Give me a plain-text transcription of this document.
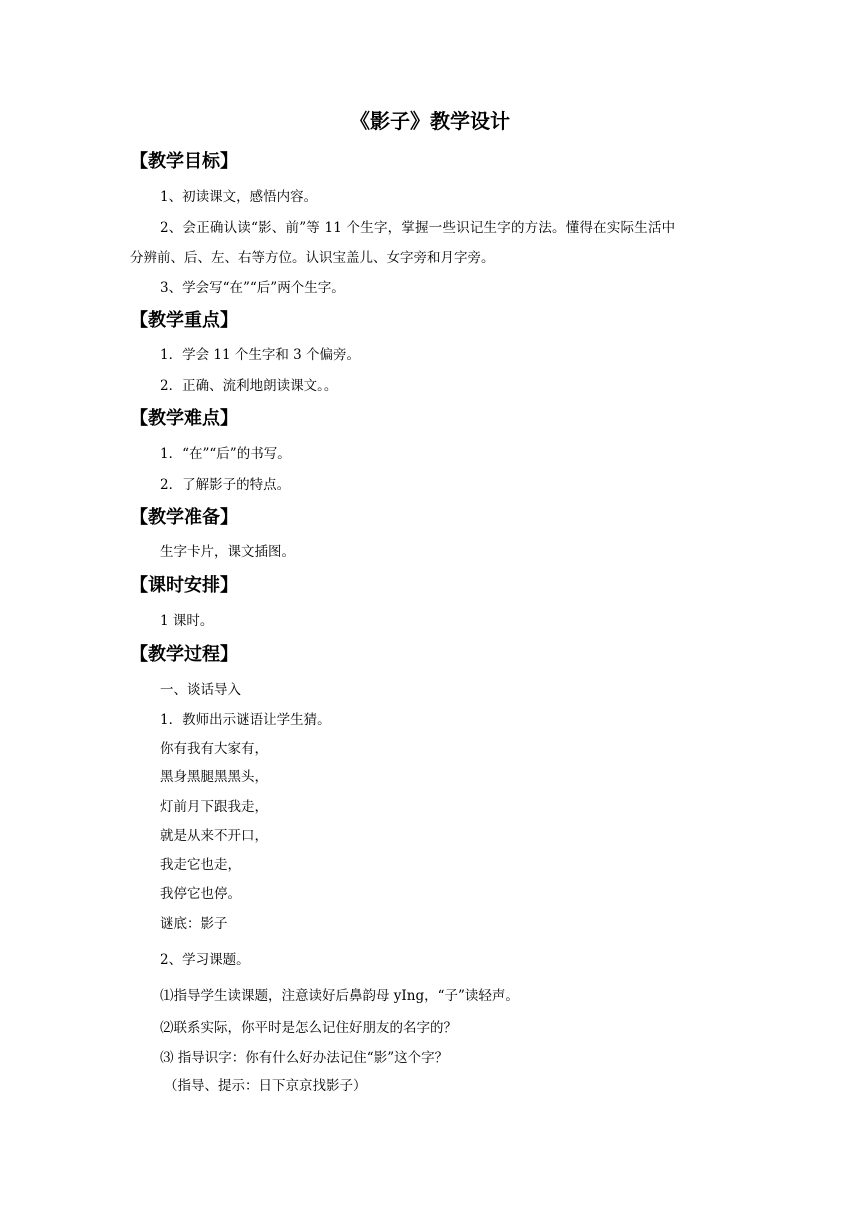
《影子》教学设计
【教学目标】
1、初读课文，感悟内容。
2、会正确认读“影、前”等 11 个生字，掌握一些识记生字的方法。懂得在实际生活中
分辨前、后、左、右等方位。认识宝盖儿、女字旁和月字旁。
3、学会写“在”“后”两个生字。
【教学重点】
1．学会 11 个生字和 3 个偏旁。
2．正确、流利地朗读课文。。
【教学难点】
1．“在”“后”的书写。
2．了解影子的特点。
【教学准备】
生字卡片，课文插图。
【课时安排】
1 课时。
【教学过程】
一、谈话导入
1．教师出示谜语让学生猜。
你有我有大家有，
黑身黑腿黑黑头，
灯前月下跟我走，
就是从来不开口，
我走它也走，
我停它也停。
谜底：影子
2、学习课题。
⑴指导学生读课题，注意读好后鼻韵母 yIng，“子”读轻声。
⑵联系实际，你平时是怎么记住好朋友的名字的？
⑶ 指导识字：你有什么好办法记住“影”这个字？
（指导、提示：日下京京找影子）
